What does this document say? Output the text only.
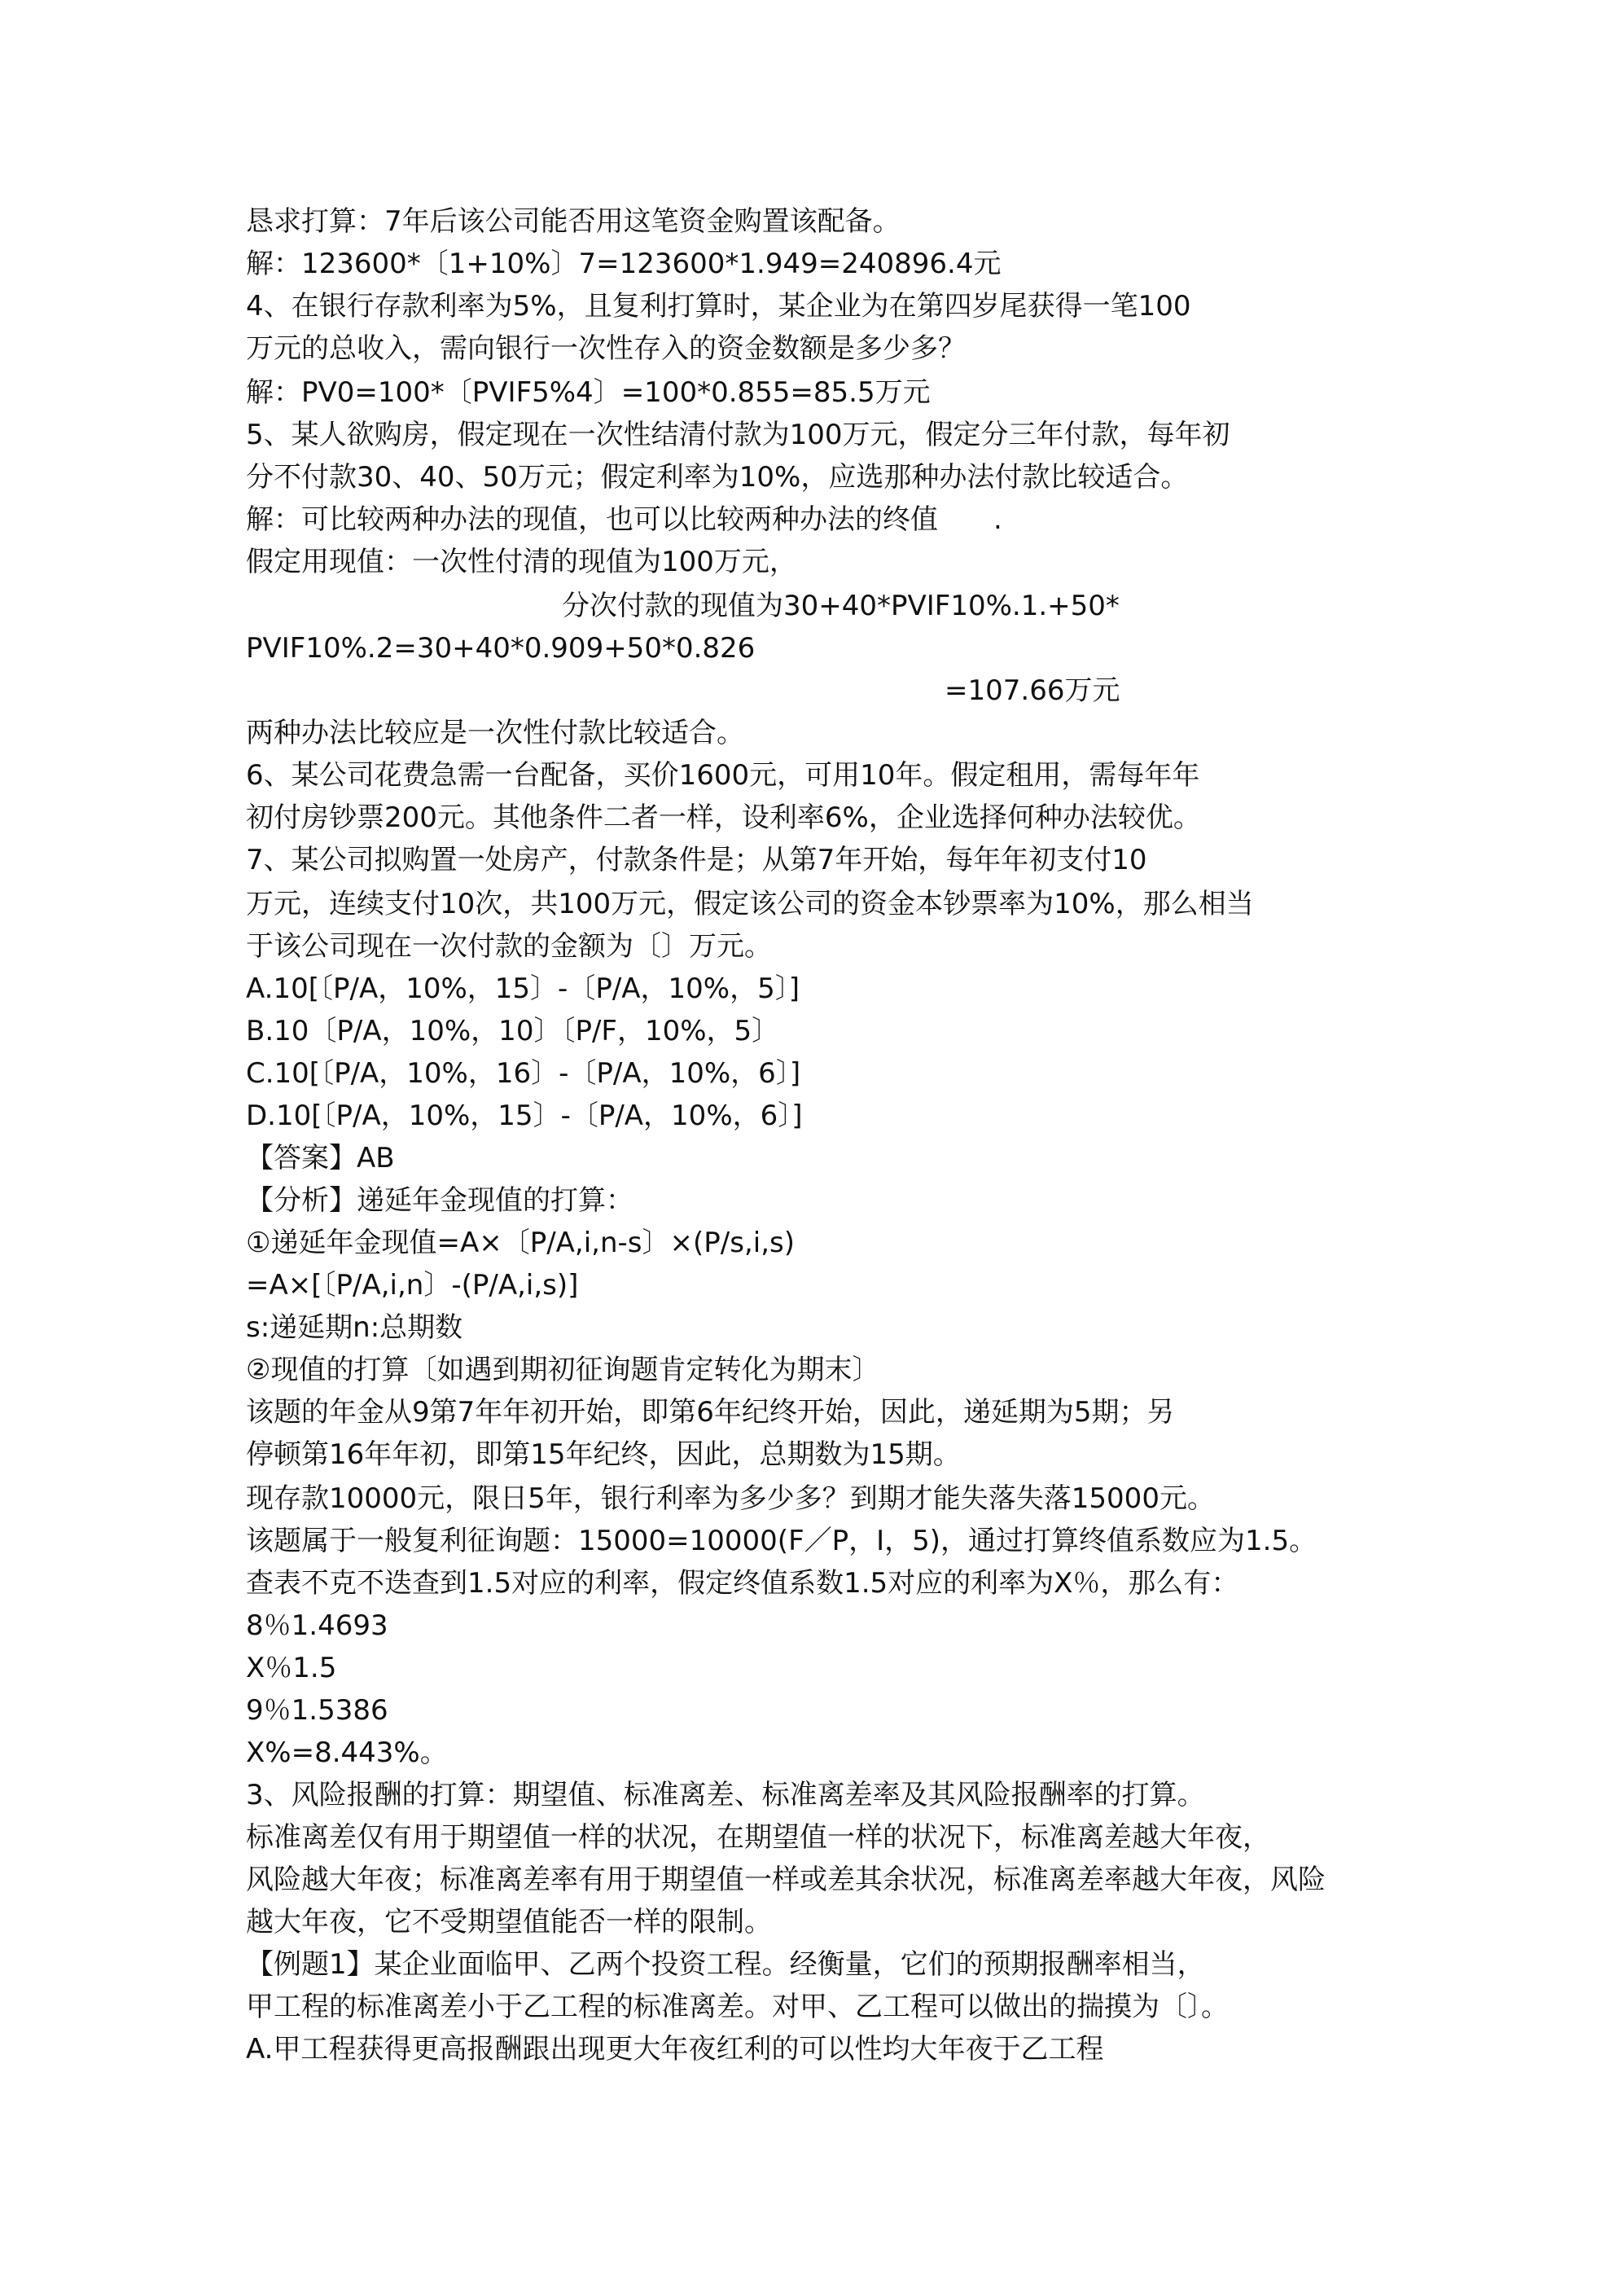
恳求打算：7年后该公司能否用这笔资金购置该配备。
解：123600*〔1+10%〕7=123600*1.949=240896.4元
4、在银行存款利率为5%，且复利打算时，某企业为在第四岁尾获得一笔100
万元的总收入，需向银行一次性存入的资金数额是多少多？
解：PV0=100*〔PVIF5%4〕=100*0.855=85.5万元
5、某人欲购房，假定现在一次性结清付款为100万元，假定分三年付款，每年初
分不付款30、40、50万元；假定利率为10%，应选那种办法付款比较适合。
解：可比较两种办法的现值，也可以比较两种办法的终值　　.
假定用现值：一次性付清的现值为100万元，
分次付款的现值为30+40*PVIF10%.1.+50*
PVIF10%.2=30+40*0.909+50*0.826
=107.66万元
两种办法比较应是一次性付款比较适合。
6、某公司花费急需一台配备，买价1600元，可用10年。假定租用，需每年年
初付房钞票200元。其他条件二者一样，设利率6%，企业选择何种办法较优。
7、某公司拟购置一处房产，付款条件是；从第7年开始，每年年初支付10
万元，连续支付10次，共100万元，假定该公司的资金本钞票率为10%，那么相当
于该公司现在一次付款的金额为〔〕万元。
A.10[〔P/A，10%，15〕-〔P/A，10%，5〕]
B.10〔P/A，10%，10〕〔P/F，10%，5〕
C.10[〔P/A，10%，16〕-〔P/A，10%，6〕]
D.10[〔P/A，10%，15〕-〔P/A，10%，6〕]
【答案】AB
【分析】递延年金现值的打算：
①递延年金现值=A×〔P/A,i,n-s〕×(P/s,i,s)
=A×[〔P/A,i,n〕-(P/A,i,s)]
s:递延期n:总期数
②现值的打算〔如遇到期初征询题肯定转化为期末〕
该题的年金从9第7年年初开始，即第6年纪终开始，因此，递延期为5期；另
停顿第16年年初，即第15年纪终，因此，总期数为15期。
现存款10000元，限日5年，银行利率为多少多？到期才能失落失落15000元。
该题属于一般复利征询题：15000=10000(F／P，I，5)，通过打算终值系数应为1.5。
查表不克不迭查到1.5对应的利率，假定终值系数1.5对应的利率为X％，那么有：
8％1.4693
X％1.5
9％1.5386
X%=8.443%。
3、风险报酬的打算：期望值、标准离差、标准离差率及其风险报酬率的打算。
标准离差仅有用于期望值一样的状况，在期望值一样的状况下，标准离差越大年夜，
风险越大年夜；标准离差率有用于期望值一样或差其余状况，标准离差率越大年夜，风险
越大年夜，它不受期望值能否一样的限制。
【例题1】某企业面临甲、乙两个投资工程。经衡量，它们的预期报酬率相当，
甲工程的标准离差小于乙工程的标准离差。对甲、乙工程可以做出的揣摸为〔〕。
A.甲工程获得更高报酬跟出现更大年夜红利的可以性均大年夜于乙工程
